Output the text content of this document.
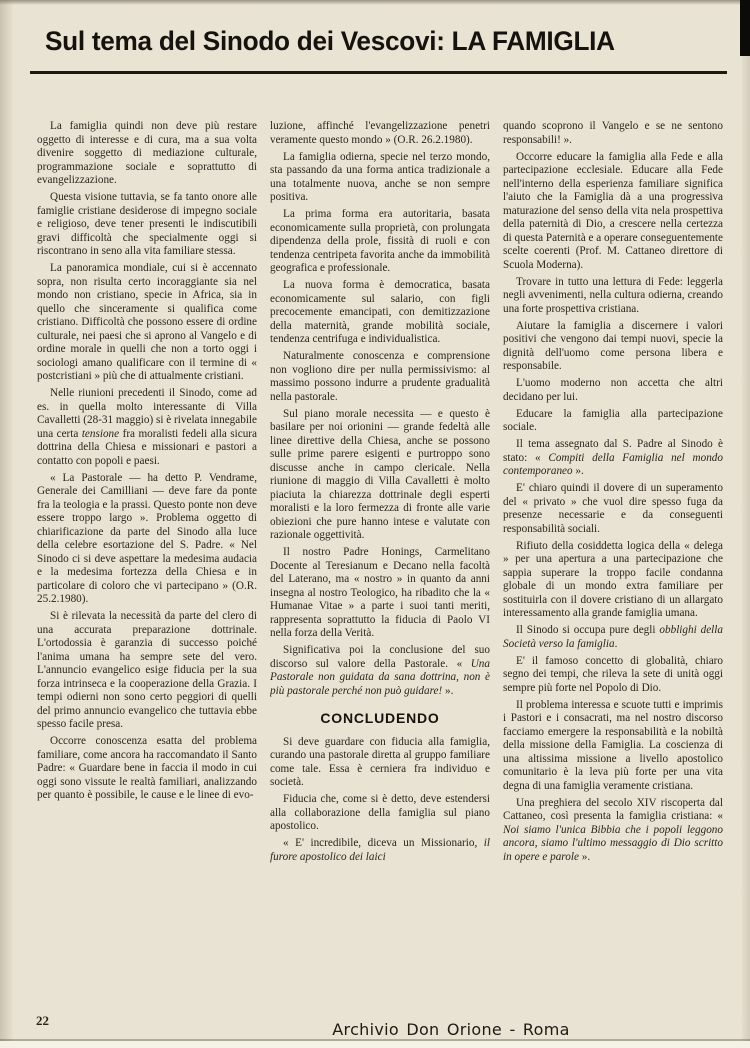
Sul tema del Sinodo dei Vescovi: LA FAMIGLIA

La famiglia quindi non deve più restare oggetto di interesse e di cura, ma a sua volta divenire soggetto di mediazione culturale, programmazione sociale e soprattutto di evangelizzazione.

Questa visione tuttavia, se fa tanto onore alle famiglie cristiane desiderose di impegno sociale e religioso, deve tener presenti le indiscutibili gravi difficoltà che specialmente oggi si riscontrano in seno alla vita familiare stessa.

La panoramica mondiale, cui si è accennato sopra, non risulta certo incoraggiante sia nel mondo non cristiano, specie in Africa, sia in quello che sinceramente si qualifica come cristiano. Difficoltà che possono essere di ordine culturale, nei paesi che si aprono al Vangelo e di ordine morale in quelli che non a torto oggi i sociologi amano qualificare con il termine di « postcristiani » più che di attualmente cristiani.

Nelle riunioni precedenti il Sinodo, come ad es. in quella molto interessante di Villa Cavalletti (28-31 maggio) si è rivelata innegabile una certa tensione fra moralisti fedeli alla sicura dottrina della Chiesa e missionari e pastori a contatto con popoli e paesi.

« La Pastorale — ha detto P. Vendrame, Generale dei Camilliani — deve fare da ponte fra la teologia e la prassi. Questo ponte non deve essere troppo largo ». Problema oggetto di chiarificazione da parte del Sinodo alla luce della celebre esortazione del S. Padre. « Nel Sinodo ci si deve aspettare la medesima audacia e la medesima fortezza della Chiesa e in particolare di coloro che vi partecipano » (O.R. 25.2.1980).

Si è rilevata la necessità da parte del clero di una accurata preparazione dottrinale. L'ortodossia è garanzia di successo poiché l'anima umana ha sempre sete del vero. L'annuncio evangelico esige fiducia per la sua forza intrinseca e la cooperazione della Grazia. I tempi odierni non sono certo peggiori di quelli del primo annuncio evangelico che tuttavia ebbe spesso facile presa.

Occorre conoscenza esatta del problema familiare, come ancora ha raccomandato il Santo Padre: « Guardare bene in faccia il modo in cui oggi sono vissute le realtà familiari, analizzando per quanto è possibile, le cause e le linee di evo-

luzione, affinché l'evangelizzazione penetri veramente questo mondo » (O.R. 26.2.1980).

La famiglia odierna, specie nel terzo mondo, sta passando da una forma antica tradizionale a una totalmente nuova, anche se non sempre positiva.

La prima forma era autoritaria, basata economicamente sulla proprietà, con prolungata dipendenza della prole, fissità di ruoli e con tendenza centripeta favorita anche da immobilità geografica e professionale.

La nuova forma è democratica, basata economicamente sul salario, con figli precocemente emancipati, con demitizzazione della maternità, grande mobilità sociale, tendenza centrifuga e individualistica.

Naturalmente conoscenza e comprensione non vogliono dire per nulla permissivismo: al massimo possono indurre a prudente gradualità nella pastorale.

Sul piano morale necessita — e questo è basilare per noi orionini — grande fedeltà alle linee direttive della Chiesa, anche se possono sulle prime parere esigenti e purtroppo sono discusse anche in campo clericale. Nella riunione di maggio di Villa Cavalletti è molto piaciuta la chiarezza dottrinale degli esperti moralisti e la loro fermezza di fronte alle varie obiezioni che pure hanno intese e valutate con razionale oggettività.

Il nostro Padre Honings, Carmelitano Docente al Teresianum e Decano nella facoltà del Laterano, ma « nostro » in quanto da anni insegna al nostro Teologico, ha ribadito che la « Humanae Vitae » a parte i suoi tanti meriti, rappresenta soprattutto la fiducia di Paolo VI nella forza della Verità.

Significativa poi la conclusione del suo discorso sul valore della Pastorale. « Una Pastorale non guidata da sana dottrina, non è più pastorale perché non può guidare! ».

CONCLUDENDO

Si deve guardare con fiducia alla famiglia, curando una pastorale diretta al gruppo familiare come tale. Essa è cerniera fra individuo e società.

Fiducia che, come si è detto, deve estendersi alla collaborazione della famiglia sul piano apostolico.

« E' incredibile, diceva un Missionario, il furore apostolico dei laici

quando scoprono il Vangelo e se ne sentono responsabili! ».

Occorre educare la famiglia alla Fede e alla partecipazione ecclesiale. Educare alla Fede nell'interno della esperienza familiare significa l'aiuto che la Famiglia dà a una progressiva maturazione del senso della vita nela prospettiva della paternità di Dio, a crescere nella certezza di questa Paternità e a operare conseguentemente scelte coerenti (Prof. M. Cattaneo direttore di Scuola Moderna).

Trovare in tutto una lettura di Fede: leggerla negli avvenimenti, nella cultura odierna, creando una forte prospettiva cristiana.

Aiutare la famiglia a discernere i valori positivi che vengono dai tempi nuovi, specie la dignità dell'uomo come persona libera e responsabile.

L'uomo moderno non accetta che altri decidano per lui.

Educare la famiglia alla partecipazione sociale.

Il tema assegnato dal S. Padre al Sinodo è stato: « Compiti della Famiglia nel mondo contemporaneo ».

E' chiaro quindi il dovere di un superamento del « privato » che vuol dire spesso fuga da presenze necessarie e da conseguenti responsabilità sociali.

Rifiuto della cosiddetta logica della « delega » per una apertura a una partecipazione che sappia superare la troppo facile condanna globale di un mondo extra familiare per sostituirla con il dovere cristiano di un allargato interessamento alla grande famiglia umana.

Il Sinodo si occupa pure degli obblighi della Società verso la famiglia.

E' il famoso concetto di globalità, chiaro segno dei tempi, che rileva la sete di unità oggi sempre più forte nel Popolo di Dio.

Il problema interessa e scuote tutti e imprimis i Pastori e i consacrati, ma nel nostro discorso facciamo emergere la responsabilità e la nobiltà della missione della Famiglia. La coscienza di una altissima missione a livello apostolico comunitario è la leva più forte per una vita degna di una famiglia veramente cristiana.

Una preghiera del secolo XIV riscoperta dal Cattaneo, così presenta la famiglia cristiana: « Noi siamo l'unica Bibbia che i popoli leggono ancora, siamo l'ultimo messaggio di Dio scritto in opere e parole ».

22	Archivio Don Orione - Roma
